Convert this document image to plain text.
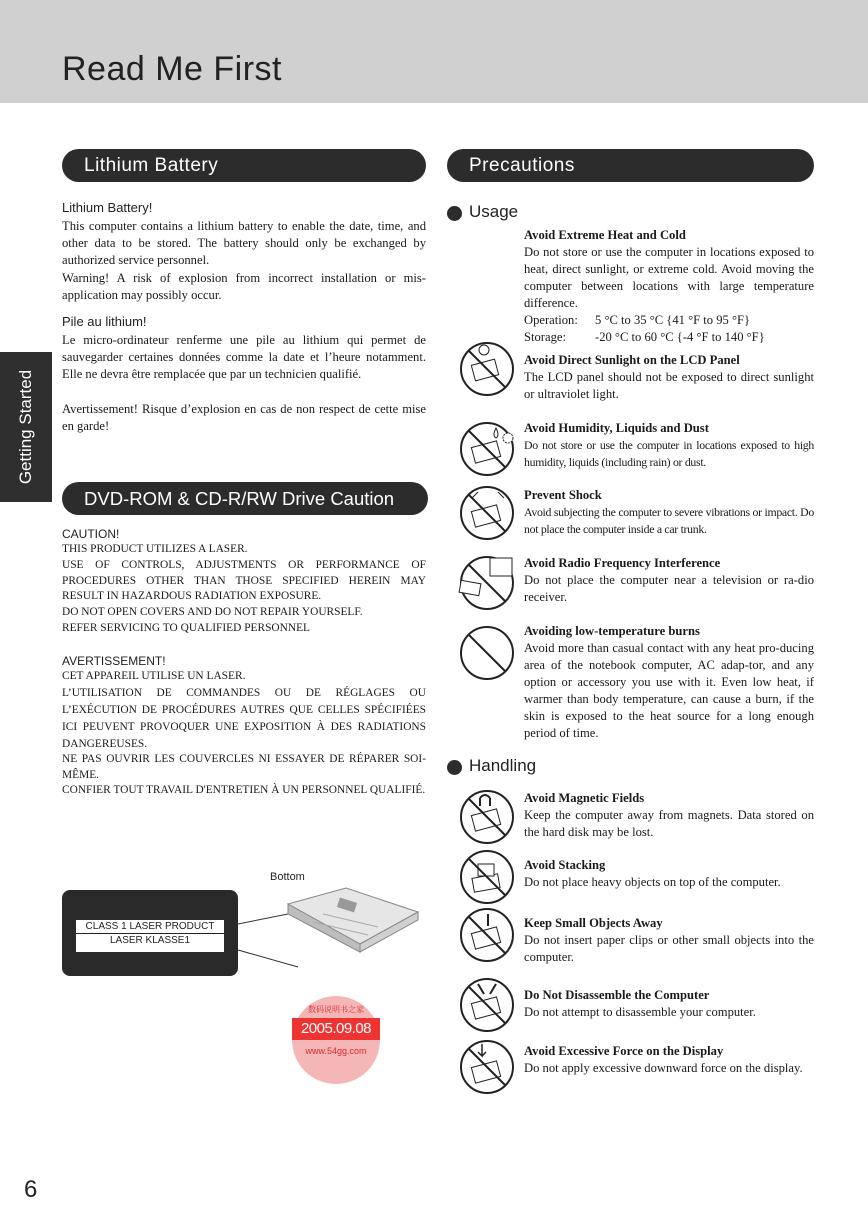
Read Me First
Getting Started
Lithium Battery

Lithium Battery!

This computer contains a lithium battery to enable the date, time, and other data to be stored. The battery should only be exchanged by authorized service personnel.

Warning! A risk of explosion from incorrect installation or mis-application may possibly occur.

Pile au lithium!

Le micro-ordinateur renferme une pile au lithium qui permet de sauvegarder certaines données comme la date et l’heure notamment. Elle ne devra être remplacée que par un technicien qualifié.

Avertissement! Risque d’explosion en cas de non respect de cette mise en garde!

DVD-ROM & CD-R/RW Drive Caution

CAUTION!

THIS PRODUCT UTILIZES A LASER.

USE OF CONTROLS, ADJUSTMENTS OR PERFORMANCE OF PROCEDURES OTHER THAN THOSE SPECIFIED HEREIN MAY RESULT IN HAZARDOUS RADIATION EXPOSURE.

DO NOT OPEN COVERS AND DO NOT REPAIR YOURSELF.

REFER SERVICING TO QUALIFIED PERSONNEL

AVERTISSEMENT!

CET APPAREIL UTILISE UN LASER.

L’UTILISATION DE COMMANDES OU DE RÉGLAGES OU L’EXÉCUTION DE PROCÉDURES AUTRES QUE CELLES SPÉCIFIÉES ICI PEUVENT PROVOQUER UNE EXPOSITION À DES RADIATIONS DANGEREUSES.

NE PAS OUVRIR LES COUVERCLES NI ESSAYER DE RÉPARER SOI-MÊME.

CONFIER TOUT TRAVAIL D'ENTRETIEN À UN PERSONNEL QUALIFIÉ.

Bottom
CLASS 1 LASER PRODUCT
LASER KLASSE1
数码说明书之家
2005.09.08
www.54gg.com
Precautions
Usage
Avoid Extreme Heat and Cold
Do not store or use the computer in locations exposed to heat, direct sunlight, or extreme cold. Avoid moving the computer between locations with large temperature difference.
Operation:	5 °C to 35 °C {41 °F to 95 °F}
Storage:	-20 °C to 60 °C {-4 °F to 140 °F}
Avoid Direct Sunlight on the LCD Panel
The LCD panel should not be exposed to direct sunlight or ultraviolet light.
Avoid Humidity, Liquids and Dust
Do not store or use the computer in locations exposed to high humidity, liquids (including rain) or dust.
Prevent Shock
Avoid subjecting the computer to severe vibrations or impact. Do not place the computer inside a car trunk.
Avoid Radio Frequency Interference
Do not place the computer near a television or ra-dio receiver.
Avoiding low-temperature burns
Avoid more than casual contact with any heat pro-ducing area of the notebook computer, AC adap-tor, and any option or accessory you use with it. Even low heat, if warmer than body temperature, can cause a burn, if the skin is exposed to the heat source for a long enough period of time.
Handling
Avoid Magnetic Fields
Keep the computer away from magnets. Data stored on the hard disk may be lost.
Avoid Stacking
Do not place heavy objects on top of the computer.
Keep Small Objects Away
Do not insert paper clips or other small objects into the computer.
Do Not Disassemble the Computer
Do not attempt to disassemble your computer.
Avoid Excessive Force on the Display
Do not apply excessive downward force on the display.
6
